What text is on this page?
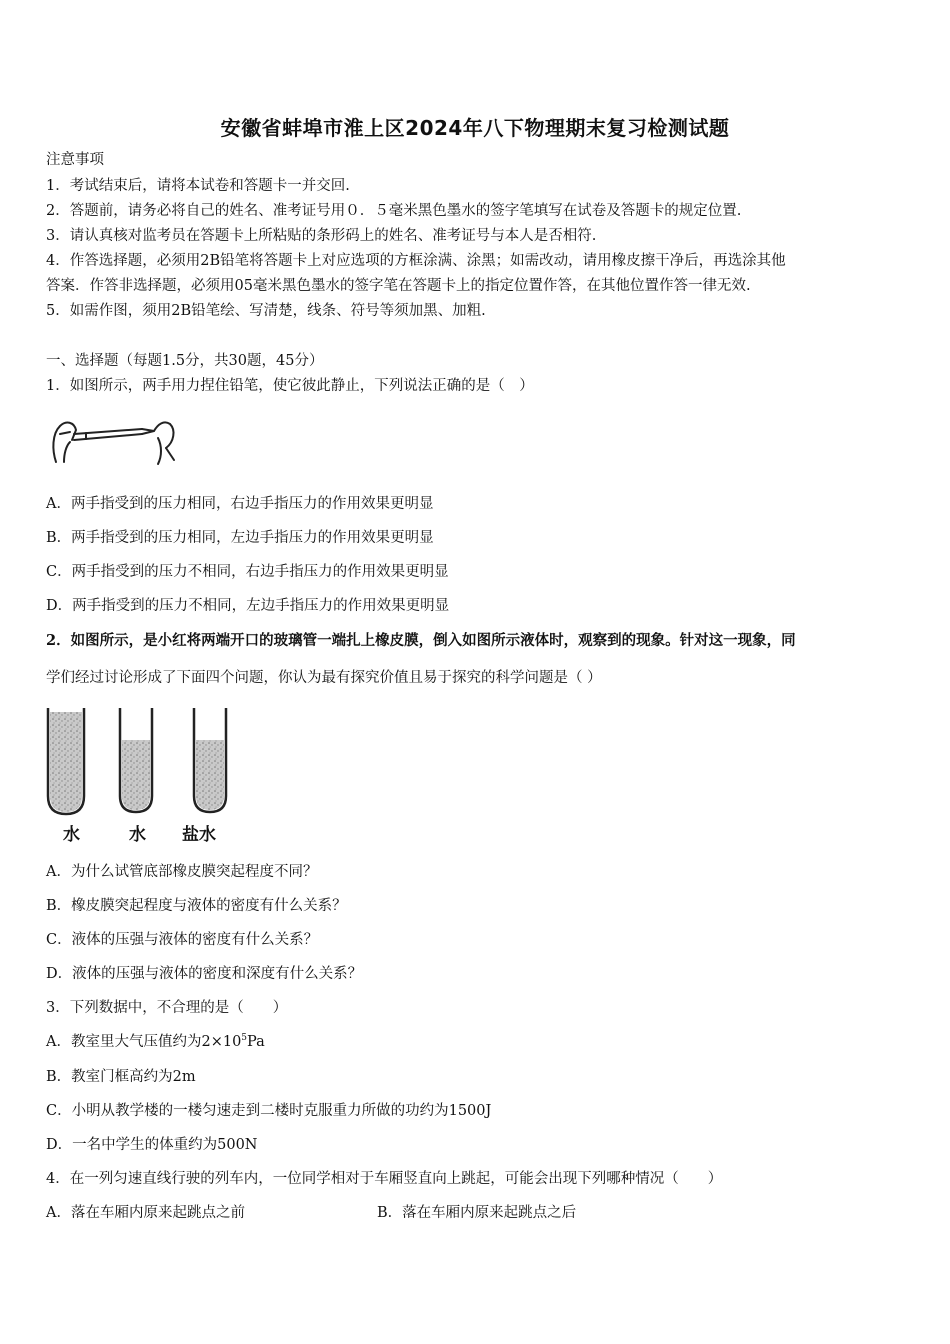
安徽省蚌埠市淮上区2024年八下物理期末复习检测试题
注意事项
1．考试结束后，请将本试卷和答题卡一并交回.
2．答题前，请务必将自己的姓名、准考证号用０．５毫米黑色墨水的签字笔填写在试卷及答题卡的规定位置.
3．请认真核对监考员在答题卡上所粘贴的条形码上的姓名、准考证号与本人是否相符.
4．作答选择题，必须用2B铅笔将答题卡上对应选项的方框涂满、涂黑；如需改动，请用橡皮擦干净后，再选涂其他
答案．作答非选择题，必须用05毫米黑色墨水的签字笔在答题卡上的指定位置作答，在其他位置作答一律无效.
5．如需作图，须用2B铅笔绘、写清楚，线条、符号等须加黑、加粗.
一、选择题（每题1.5分，共30题，45分）
1．如图所示，两手用力捏住铅笔，使它彼此静止，下列说法正确的是（　）
A．两手指受到的压力相同，右边手指压力的作用效果更明显
B．两手指受到的压力相同，左边手指压力的作用效果更明显
C．两手指受到的压力不相同，右边手指压力的作用效果更明显
D．两手指受到的压力不相同，左边手指压力的作用效果更明显
2．如图所示，是小红将两端开口的玻璃管一端扎上橡皮膜，倒入如图所示液体时，观察到的现象。针对这一现象，同
学们经过讨论形成了下面四个问题，你认为最有探究价值且易于探究的科学问题是（ ）
水	水 盐水
A．为什么试管底部橡皮膜突起程度不同？
B．橡皮膜突起程度与液体的密度有什么关系？
C．液体的压强与液体的密度有什么关系？
D．液体的压强与液体的密度和深度有什么关系？
3．下列数据中，不合理的是（　　）
A．教室里大气压值约为$2\times 10^5Pa$
B．教室门框高约为2m
C．小明从教学楼的一楼匀速走到二楼时克服重力所做的功约为1500J
D．一名中学生的体重约为500N
4．在一列匀速直线行驶的列车内，一位同学相对于车厢竖直向上跳起，可能会出现下列哪种情况（　　）
A．落在车厢内原来起跳点之前	B．落在车厢内原来起跳点之后
